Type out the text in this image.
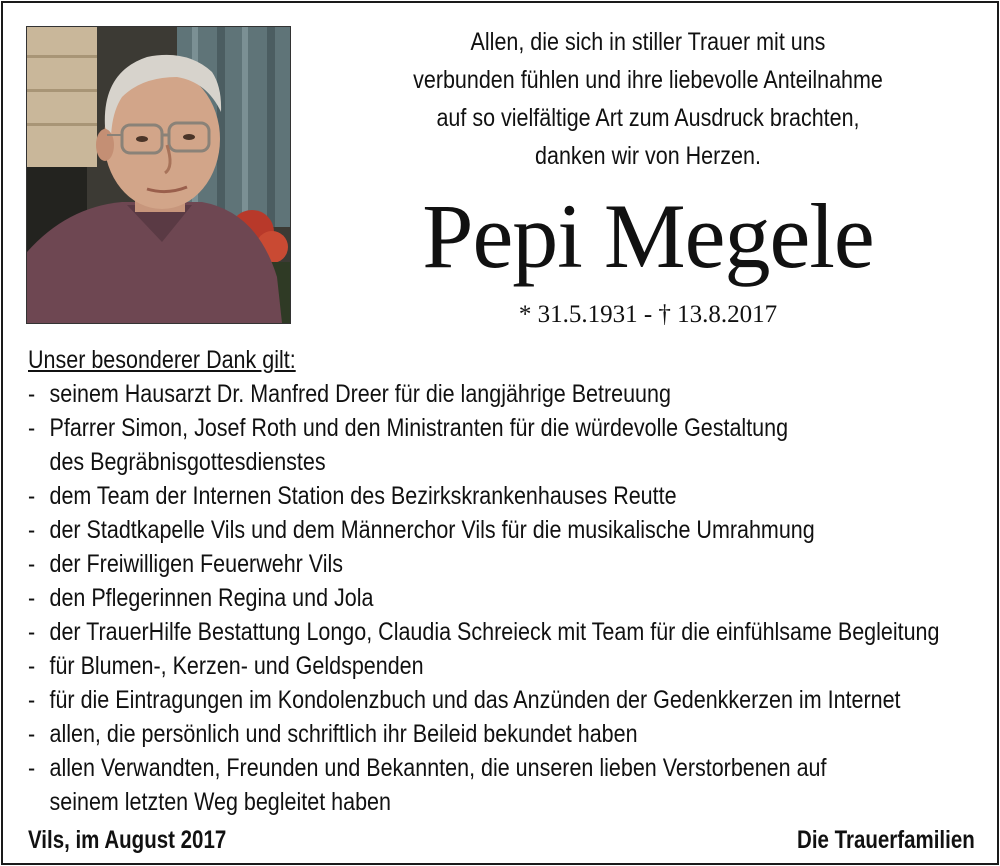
Allen, die sich in stiller Trauer mit uns
verbunden fühlen und ihre liebevolle Anteilnahme
auf so vielfältige Art zum Ausdruck brachten,
danken wir von Herzen.
Pepi Megele
* 31.5.1931 - † 13.8.2017
Unser besonderer Dank gilt:
- seinem Hausarzt Dr. Manfred Dreer für die langjährige Betreuung
- Pfarrer Simon, Josef Roth und den Ministranten für die würdevolle Gestaltung
des Begräbnisgottesdienstes
- dem Team der Internen Station des Bezirkskrankenhauses Reutte
- der Stadtkapelle Vils und dem Männerchor Vils für die musikalische Umrahmung
- der Freiwilligen Feuerwehr Vils
- den Pflegerinnen Regina und Jola
- der TrauerHilfe Bestattung Longo, Claudia Schreieck mit Team für die einfühlsame Begleitung
- für Blumen-, Kerzen- und Geldspenden
- für die Eintragungen im Kondolenzbuch und das Anzünden der Gedenkkerzen im Internet
- allen, die persönlich und schriftlich ihr Beileid bekundet haben
- allen Verwandten, Freunden und Bekannten, die unseren lieben Verstorbenen auf
seinem letzten Weg begleitet haben
Vils, im August 2017	Die Trauerfamilien
